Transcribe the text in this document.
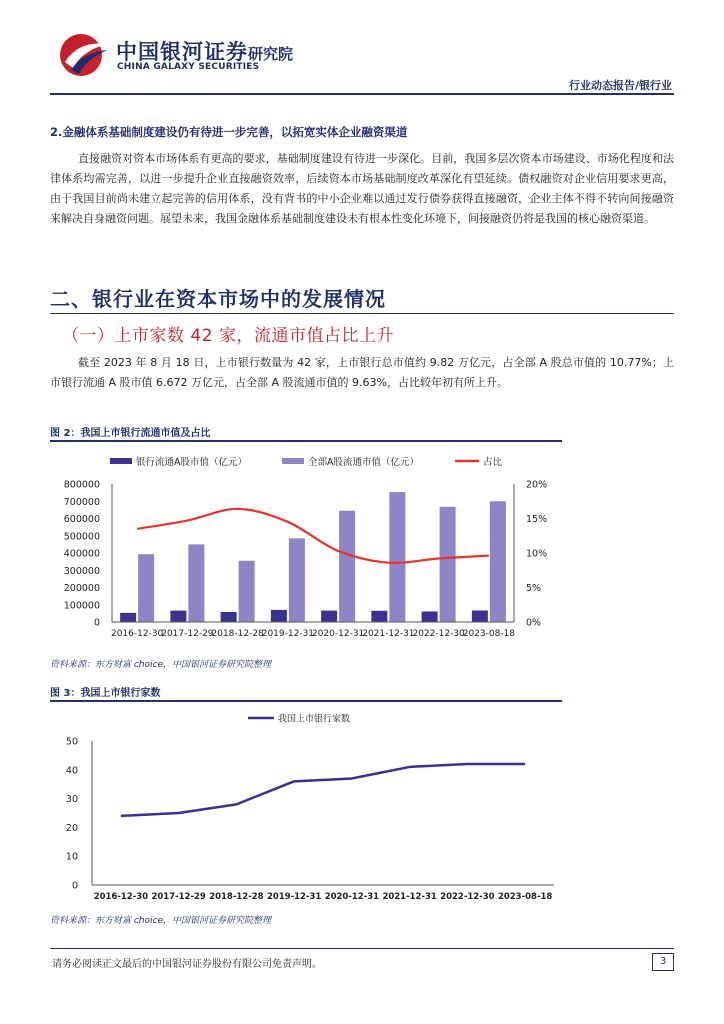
中国银河证券 研究院
CHINA GALAXY SECURITIES
行业动态报告/银行业
2.金融体系基础制度建设仍有待进一步完善，以拓宽实体企业融资渠道

直接融资对资本市场体系有更高的要求，基础制度建设有待进一步深化。目前，我国多层次资本市场建设、市场化程度和法律体系均需完善，以进一步提升企业直接融资效率，后续资本市场基础制度改革深化有望延续。债权融资对企业信用要求更高，由于我国目前尚未建立起完善的信用体系，没有背书的中小企业难以通过发行债券获得直接融资，企业主体不得不转向间接融资来解决自身融资问题。展望未来，我国金融体系基础制度建设未有根本性变化环境下，间接融资仍将是我国的核心融资渠道。

二、银行业在资本市场中的发展情况
（一）上市家数 42 家，流通市值占比上升

截至 2023 年 8 月 18 日，上市银行数量为 42 家，上市银行总市值约 9.82 万亿元，占全部 A 股总市值的 10.77%；上市银行流通 A 股市值 6.672 万亿元，占全部 A 股流通市值的 9.63%，占比较年初有所上升。

图 2：我国上市银行流通市值及占比
银行流通A股市值（亿元）	全部A股流通市值（亿元）	占比
0
100000
200000
300000
400000
500000
600000
700000
800000
0%
5%
10%
15%
20%
2016-12-30
2017-12-29
2018-12-28
2019-12-31
2020-12-31
2021-12-31
2022-12-30
2023-08-18
资料来源：东方财富 choice，中国银河证券研究院整理
图 3：我国上市银行家数
我国上市银行家数
0
10
20
30
40
50
2016-12-30 2017-12-29 2018-12-28 2019-12-31 2020-12-31 2021-12-31 2022-12-30 2023-08-18
资料来源：东方财富 choice，中国银河证券研究院整理
请务必阅读正文最后的中国银河证券股份有限公司免责声明。	3
